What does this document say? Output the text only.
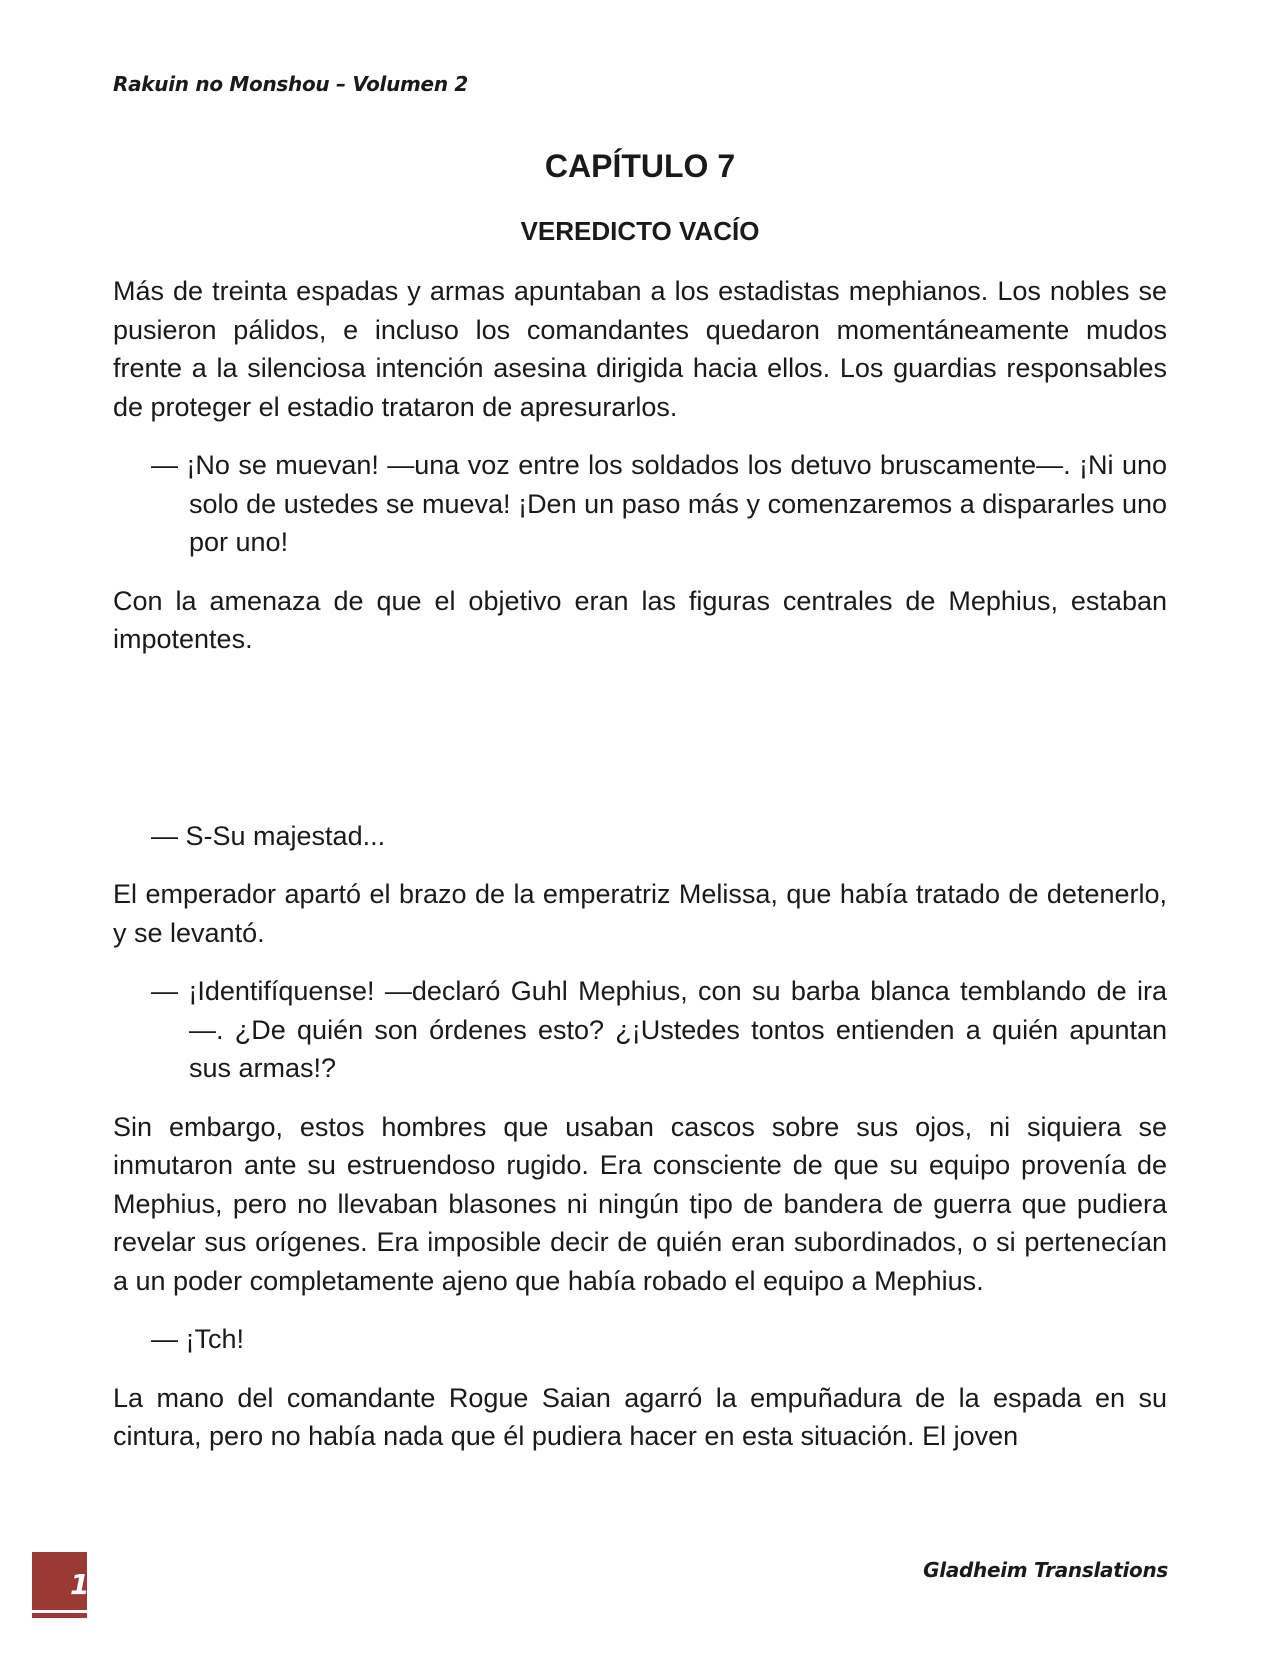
Rakuin no Monshou – Volumen 2
CAPÍTULO 7
VEREDICTO VACÍO

Más de treinta espadas y armas apuntaban a los estadistas mephianos. Los nobles se pusieron pálidos, e incluso los comandantes quedaron momentáneamente mudos frente a la silenciosa intención asesina dirigida hacia ellos. Los guardias responsables de proteger el estadio trataron de apresurarlos.

— ¡No se muevan! —una voz entre los soldados los detuvo bruscamente—. ¡Ni uno solo de ustedes se mueva! ¡Den un paso más y comenzaremos a dispararles uno por uno!

Con la amenaza de que el objetivo eran las figuras centrales de Mephius, estaban impotentes.

— S-Su majestad...

El emperador apartó el brazo de la emperatriz Melissa, que había tratado de detenerlo, y se levantó.

— ¡Identifíquense! —declaró Guhl Mephius, con su barba blanca temblando de ira—. ¿De quién son órdenes esto? ¿¡Ustedes tontos entienden a quién apuntan sus armas!?

Sin embargo, estos hombres que usaban cascos sobre sus ojos, ni siquiera se inmutaron ante su estruendoso rugido. Era consciente de que su equipo provenía de Mephius, pero no llevaban blasones ni ningún tipo de bandera de guerra que pudiera revelar sus orígenes. Era imposible decir de quién eran subordinados, o si pertenecían a un poder completamente ajeno que había robado el equipo a Mephius.

— ¡Tch!

La mano del comandante Rogue Saian agarró la empuñadura de la espada en su cintura, pero no había nada que él pudiera hacer en esta situación. El joven

1	Gladheim Translations
